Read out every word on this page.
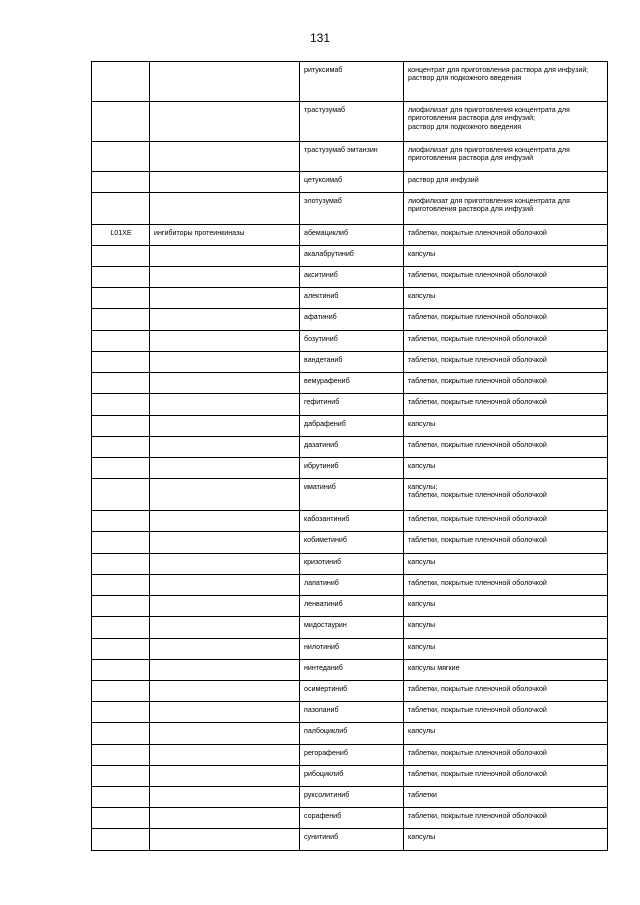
131
		ритуксимаб	концентрат для приготовления раствора для инфузий;
раствор для подкожного введения
		трастузумаб	лиофилизат для приготовления концентрата для приготовления раствора для инфузий;
раствор для подкожного введения
		трастузумаб эмтанзин	лиофилизат для приготовления концентрата для приготовления раствора для инфузий
		цетуксимаб	раствор для инфузий
		элотузумаб	лиофилизат для приготовления концентрата для приготовления раствора для инфузий
L01XE	ингибиторы протеинкиназы	абемациклиб	таблетки, покрытые пленочной оболочкой
		акалабрутиниб	капсулы
		акситиниб	таблетки, покрытые пленочной оболочкой
		алектиниб	капсулы
		афатиниб	таблетки, покрытые пленочной оболочкой
		бозутиниб	таблетки, покрытые пленочной оболочкой
		вандетаниб	таблетки, покрытые пленочной оболочкой
		вемурафениб	таблетки, покрытые пленочной оболочкой
		гефитиниб	таблетки, покрытые пленочной оболочкой
		дабрафениб	капсулы
		дазатиниб	таблетки, покрытые пленочной оболочкой
		ибрутиниб	капсулы
		иматиниб	капсулы;
таблетки, покрытые пленочной оболочкой
		кабозантиниб	таблетки, покрытые пленочной оболочкой
		кобиметиниб	таблетки, покрытые пленочной оболочкой
		кризотиниб	капсулы
		лапатиниб	таблетки, покрытые пленочной оболочкой
		ленватиниб	капсулы
		мидостаурин	капсулы
		нилотиниб	капсулы
		нинтеданиб	капсулы мягкие
		осимертиниб	таблетки, покрытые пленочной оболочкой
		пазопаниб	таблетки, покрытые пленочной оболочкой
		палбоциклиб	капсулы
		регорафениб	таблетки, покрытые пленочной оболочкой
		рибоциклиб	таблетки, покрытые пленочной оболочкой
		руксолитиниб	таблетки
		сорафениб	таблетки, покрытые пленочной оболочкой
		сунитиниб	капсулы
